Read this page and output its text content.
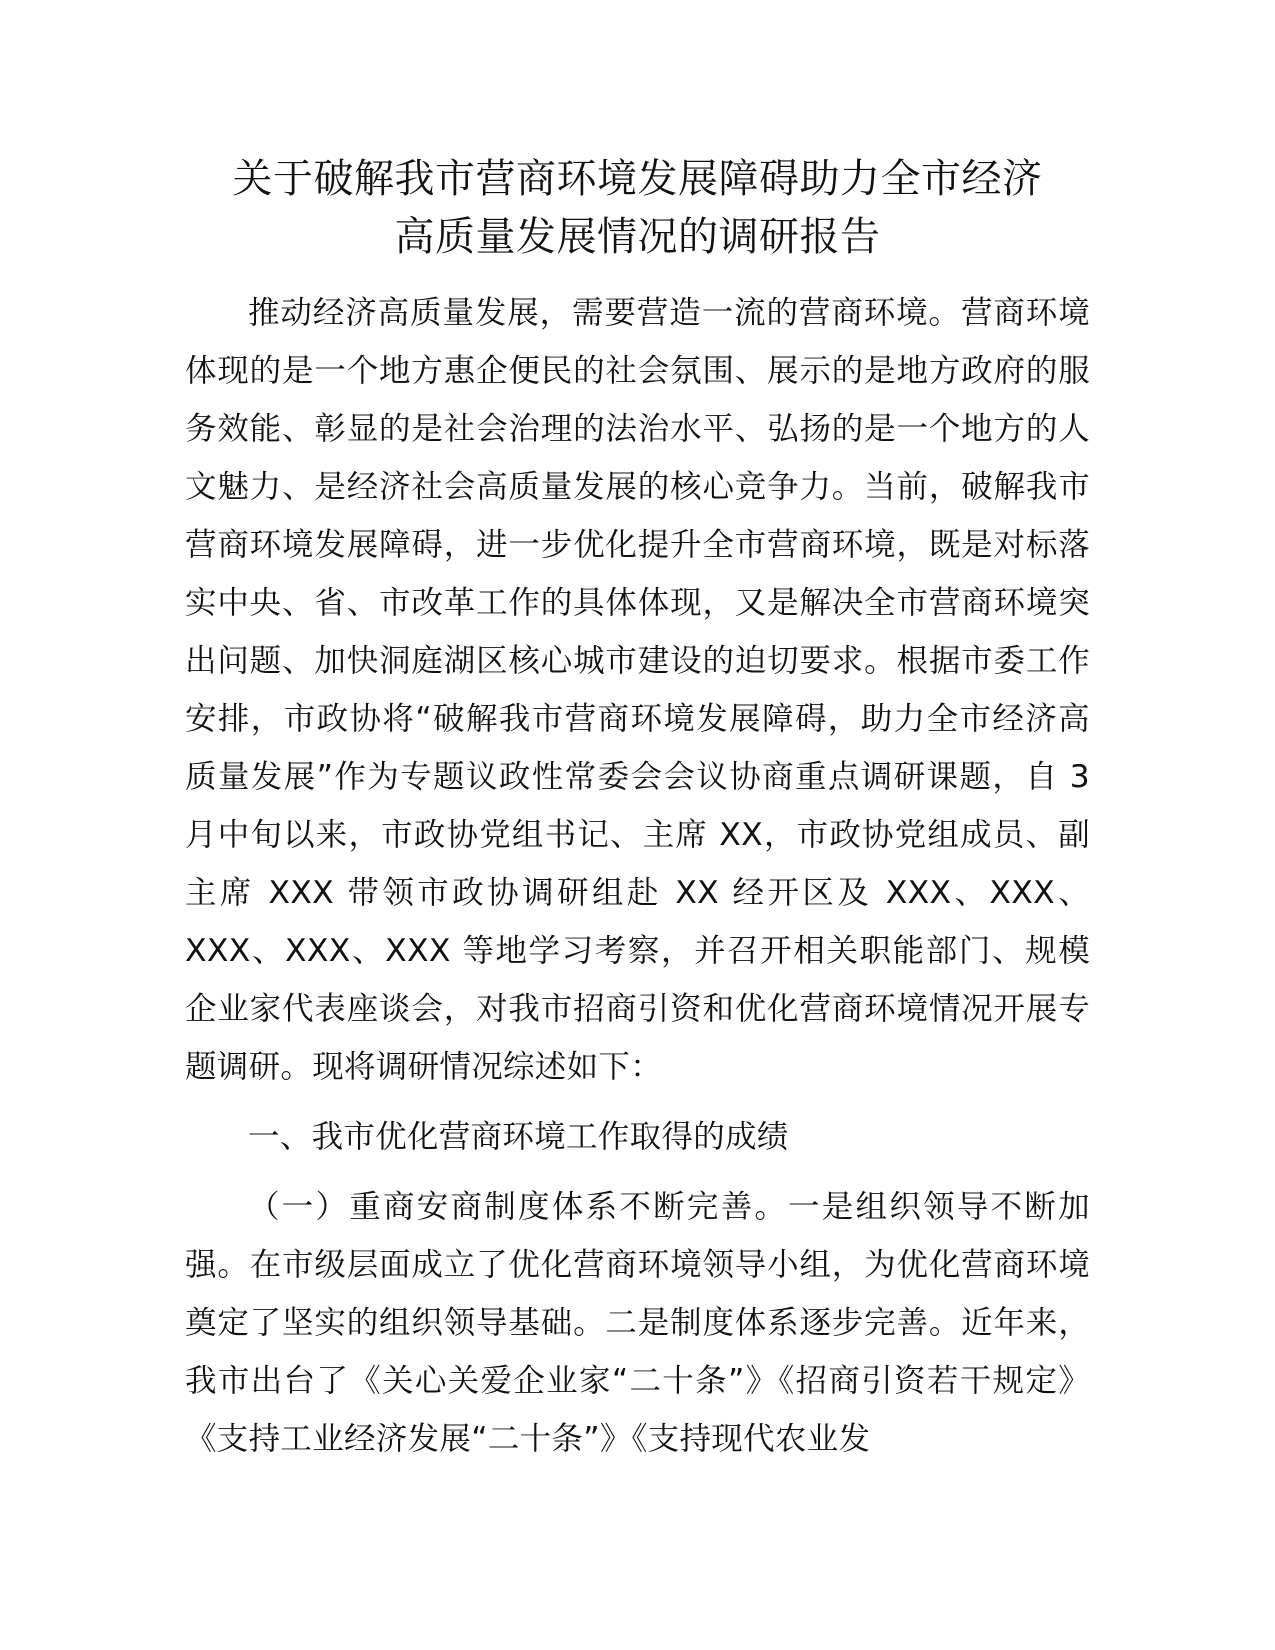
关于破解我市营商环境发展障碍助力全市经济
高质量发展情况的调研报告

推动经济高质量发展，需要营造一流的营商环境。营商环境体现的是一个地方惠企便民的社会氛围、展示的是地方政府的服务效能、彰显的是社会治理的法治水平、弘扬的是一个地方的人文魅力、是经济社会高质量发展的核心竞争力。当前，破解我市营商环境发展障碍，进一步优化提升全市营商环境，既是对标落实中央、省、市改革工作的具体体现，又是解决全市营商环境突出问题、加快洞庭湖区核心城市建设的迫切要求。根据市委工作安排，市政协将“破解我市营商环境发展障碍，助力全市经济高质量发展”作为专题议政性常委会会议协商重点调研课题，自 3 月中旬以来，市政协党组书记、主席 XX，市政协党组成员、副主席 XXX 带领市政协调研组赴 XX 经开区及 XXX、XXX、XXX、XXX、XXX 等地学习考察，并召开相关职能部门、规模企业家代表座谈会，对我市招商引资和优化营商环境情况开展专题调研。现将调研情况综述如下：

一、我市优化营商环境工作取得的成绩

（一）重商安商制度体系不断完善。一是组织领导不断加强。在市级层面成立了优化营商环境领导小组，为优化营商环境奠定了坚实的组织领导基础。二是制度体系逐步完善。近年来，我市出台了《关心关爱企业家“二十条”》《招商引资若干规定》《支持工业经济发展“二十条”》《支持现代农业发
